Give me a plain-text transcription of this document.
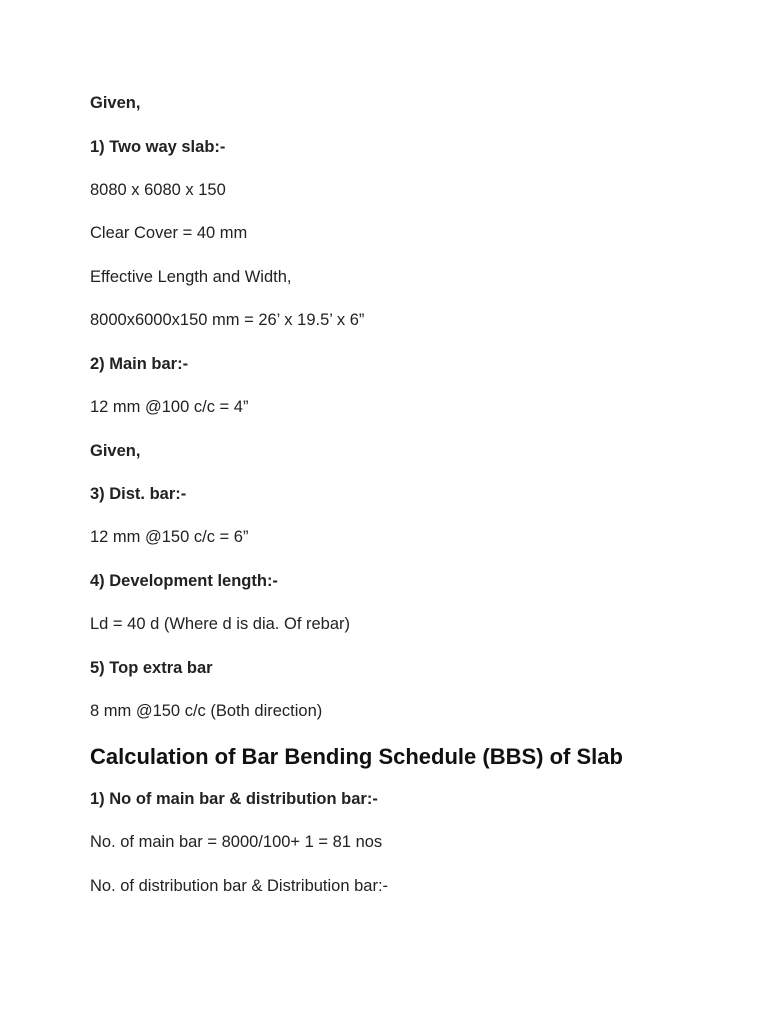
Given,
1) Two way slab:-
8080 x 6080 x 150
Clear Cover = 40 mm
Effective Length and Width,
8000x6000x150 mm = 26’ x 19.5’ x 6”
2) Main bar:-
12 mm @100 c/c = 4”
Given,
3) Dist. bar:-
12 mm @150 c/c = 6”
4) Development length:-
Ld = 40 d (Where d is dia. Of rebar)
5) Top extra bar
8 mm @150 c/c (Both direction)
Calculation of Bar Bending Schedule (BBS) of Slab
1) No of main bar & distribution bar:-
No. of main bar = 8000/100+ 1 = 81 nos
No. of distribution bar & Distribution bar:-
